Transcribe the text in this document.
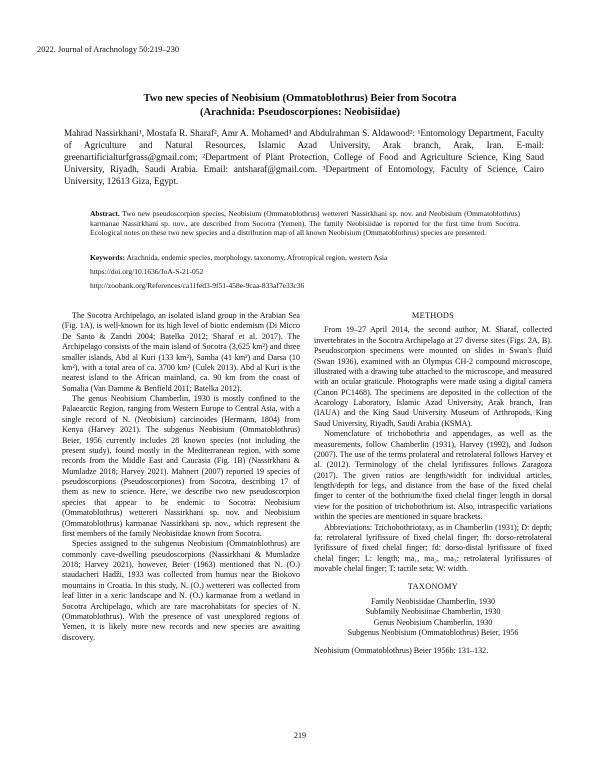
2022. Journal of Arachnology 50:219–230
Two new species of Neobisium (Ommatoblothrus) Beier from Socotra
(Arachnida: Pseudoscorpiones: Neobisiidae)
Mahrad Nassirkhani¹, Mostafa R. Sharaf², Amr A. Mohamed³ and Abdulrahman S. Aldawood²: ¹Entomology Department, Faculty of Agriculture and Natural Resources, Islamic Azad University, Arak branch, Arak, Iran. E-mail: greenartificialturfgrass@gmail.com; ²Department of Plant Protection, College of Food and Agriculture Science, King Saud University, Riyadh, Saudi Arabia. Email: antsharaf@gmail.com. ³Department of Entomology, Faculty of Science, Cairo University, 12613 Giza, Egypt.
Abstract. Two new pseudoscorpion species, Neobisium (Ommatoblothrus) wettereri Nassirkhani sp. nov. and Neobisium (Ommatoblothrus) karmanae Nassirkhani sp. nov., are described from Socotra (Yemen). The family Neobisiidae is reported for the first time from Socotra. Ecological notes on these two new species and a distribution map of all known Neobisium (Ommatoblothrus) species are presented.
Keywords: Arachnida, endemic species, morphology, taxonomy, Afrotropical region, western Asia
https://doi.org/10.1636/JoA-S-21-052
http://zoobank.org/References/ca11fed3-9f51-458e-9caa-833af7e33c36

The Socotra Archipelago, an isolated island group in the Arabian Sea (Fig. 1A), is well-known for its high level of biotic endemism (Di Micco De Santo & Zandri 2004; Batelka 2012; Sharaf et al. 2017). The Archipelago consists of the main island of Socotra (3,625 km²) and three smaller islands, Abd al Kuri (133 km²), Samha (41 km²) and Darsa (10 km²), with a total area of ca. 3700 km² (Culek 2013). Abd al Kuri is the nearest island to the African mainland, ca. 90 km from the coast of Somalia (Van Damme & Benfield 2011; Batelka 2012).

The genus Neobisium Chamberlin, 1930 is mostly confined to the Palaearctic Region, ranging from Western Europe to Central Asia, with a single record of N. (Neobisium) carcinoides (Hermann, 1804) from Kenya (Harvey 2021). The subgenus Neobisium (Ommatoblothrus) Beier, 1956 currently includes 28 known species (not including the present study), found mostly in the Mediterranean region, with some records from the Middle East and Caucasia (Fig. 1B) (Nassirkhani & Mumladze 2018; Harvey 2021). Mahnert (2007) reported 19 species of pseudoscorpions (Pseudoscorpiones) from Socotra, describing 17 of them as new to science. Here, we describe two new pseudoscorpion species that appear to be endemic to Socotra: Neobisium (Ommatoblothrus) wettereri Nassirkhani sp. nov. and Neobisium (Ommatoblothrus) karmanae Nassirkhani sp. nov., which represent the first members of the family Neobisiidae known from Socotra.

Species assigned to the subgenus Neobisium (Ommatoblothrus) are commonly cave-dwelling pseudoscorpions (Nassirkhani & Mumladze 2018; Harvey 2021), however, Beier (1963) mentioned that N. (O.) staudacheri Hadži, 1933 was collected from humus near the Biokovo mountains in Croatia. In this study, N. (O.) wettereri was collected from leaf litter in a xeric landscape and N. (O.) karmanae from a wetland in Socotra Archipelago, which are rare macrohabitats for species of N. (Ommatoblothrus). With the presence of vast unexplored regions of Yemen, it is likely more new records and new species are awaiting discovery.

METHODS

From 19–27 April 2014, the second author, M. Sharaf, collected invertebrates in the Socotra Archipelago at 27 diverse sites (Figs. 2A, B). Pseudoscorpion specimens were mounted on slides in Swan's fluid (Swan 1936), examined with an Olympus CH-2 compound microscope, illustrated with a drawing tube attached to the microscope, and measured with an ocular graticule. Photographs were made using a digital camera (Canon PC1468). The specimens are deposited in the collection of the Acarology Laboratory, Islamic Azad University, Arak branch, Iran (IAUA) and the King Saud University Museum of Arthropods, King Saud University, Riyadh, Saudi Arabia (KSMA).

Nomenclature of trichobothria and appendages, as well as the measurements, follow Chamberlin (1931), Harvey (1992), and Judson (2007). The use of the terms prolateral and retrolateral follows Harvey et al. (2012). Terminology of the chelal lyrifissures follows Zaragoza (2017). The given ratios are length/width for individual articles, length/depth for legs, and distance from the base of the fixed chelal finger to center of the bothrium/the fixed chelal finger length in dorsal view for the position of trichobothrium ist. Also, intraspecific variations within the species are mentioned in square brackets.

Abbreviations: Trichobothriotaxy, as in Chamberlin (1931); D: depth; fa: retrolateral lyrifissure of fixed chelal finger; fb: dorso-retrolateral lyrifissure of fixed chelal finger; fd: dorso-distal lyrifissure of fixed chelal finger; L: length; ma₁, ma₂, ma₃: retrolateral lyrifissures of movable chelal finger; T: tactile seta; W: width.

TAXONOMY

Family Neobisiidae Chamberlin, 1930

Subfamily Neobisiinae Chamberlin, 1930

Genus Neobisium Chamberlin, 1930

Subgenus Neobisium (Ommatoblothrus) Beier, 1956

Neobisium (Ommatoblothrus) Beier 1956b: 131–132.

219
